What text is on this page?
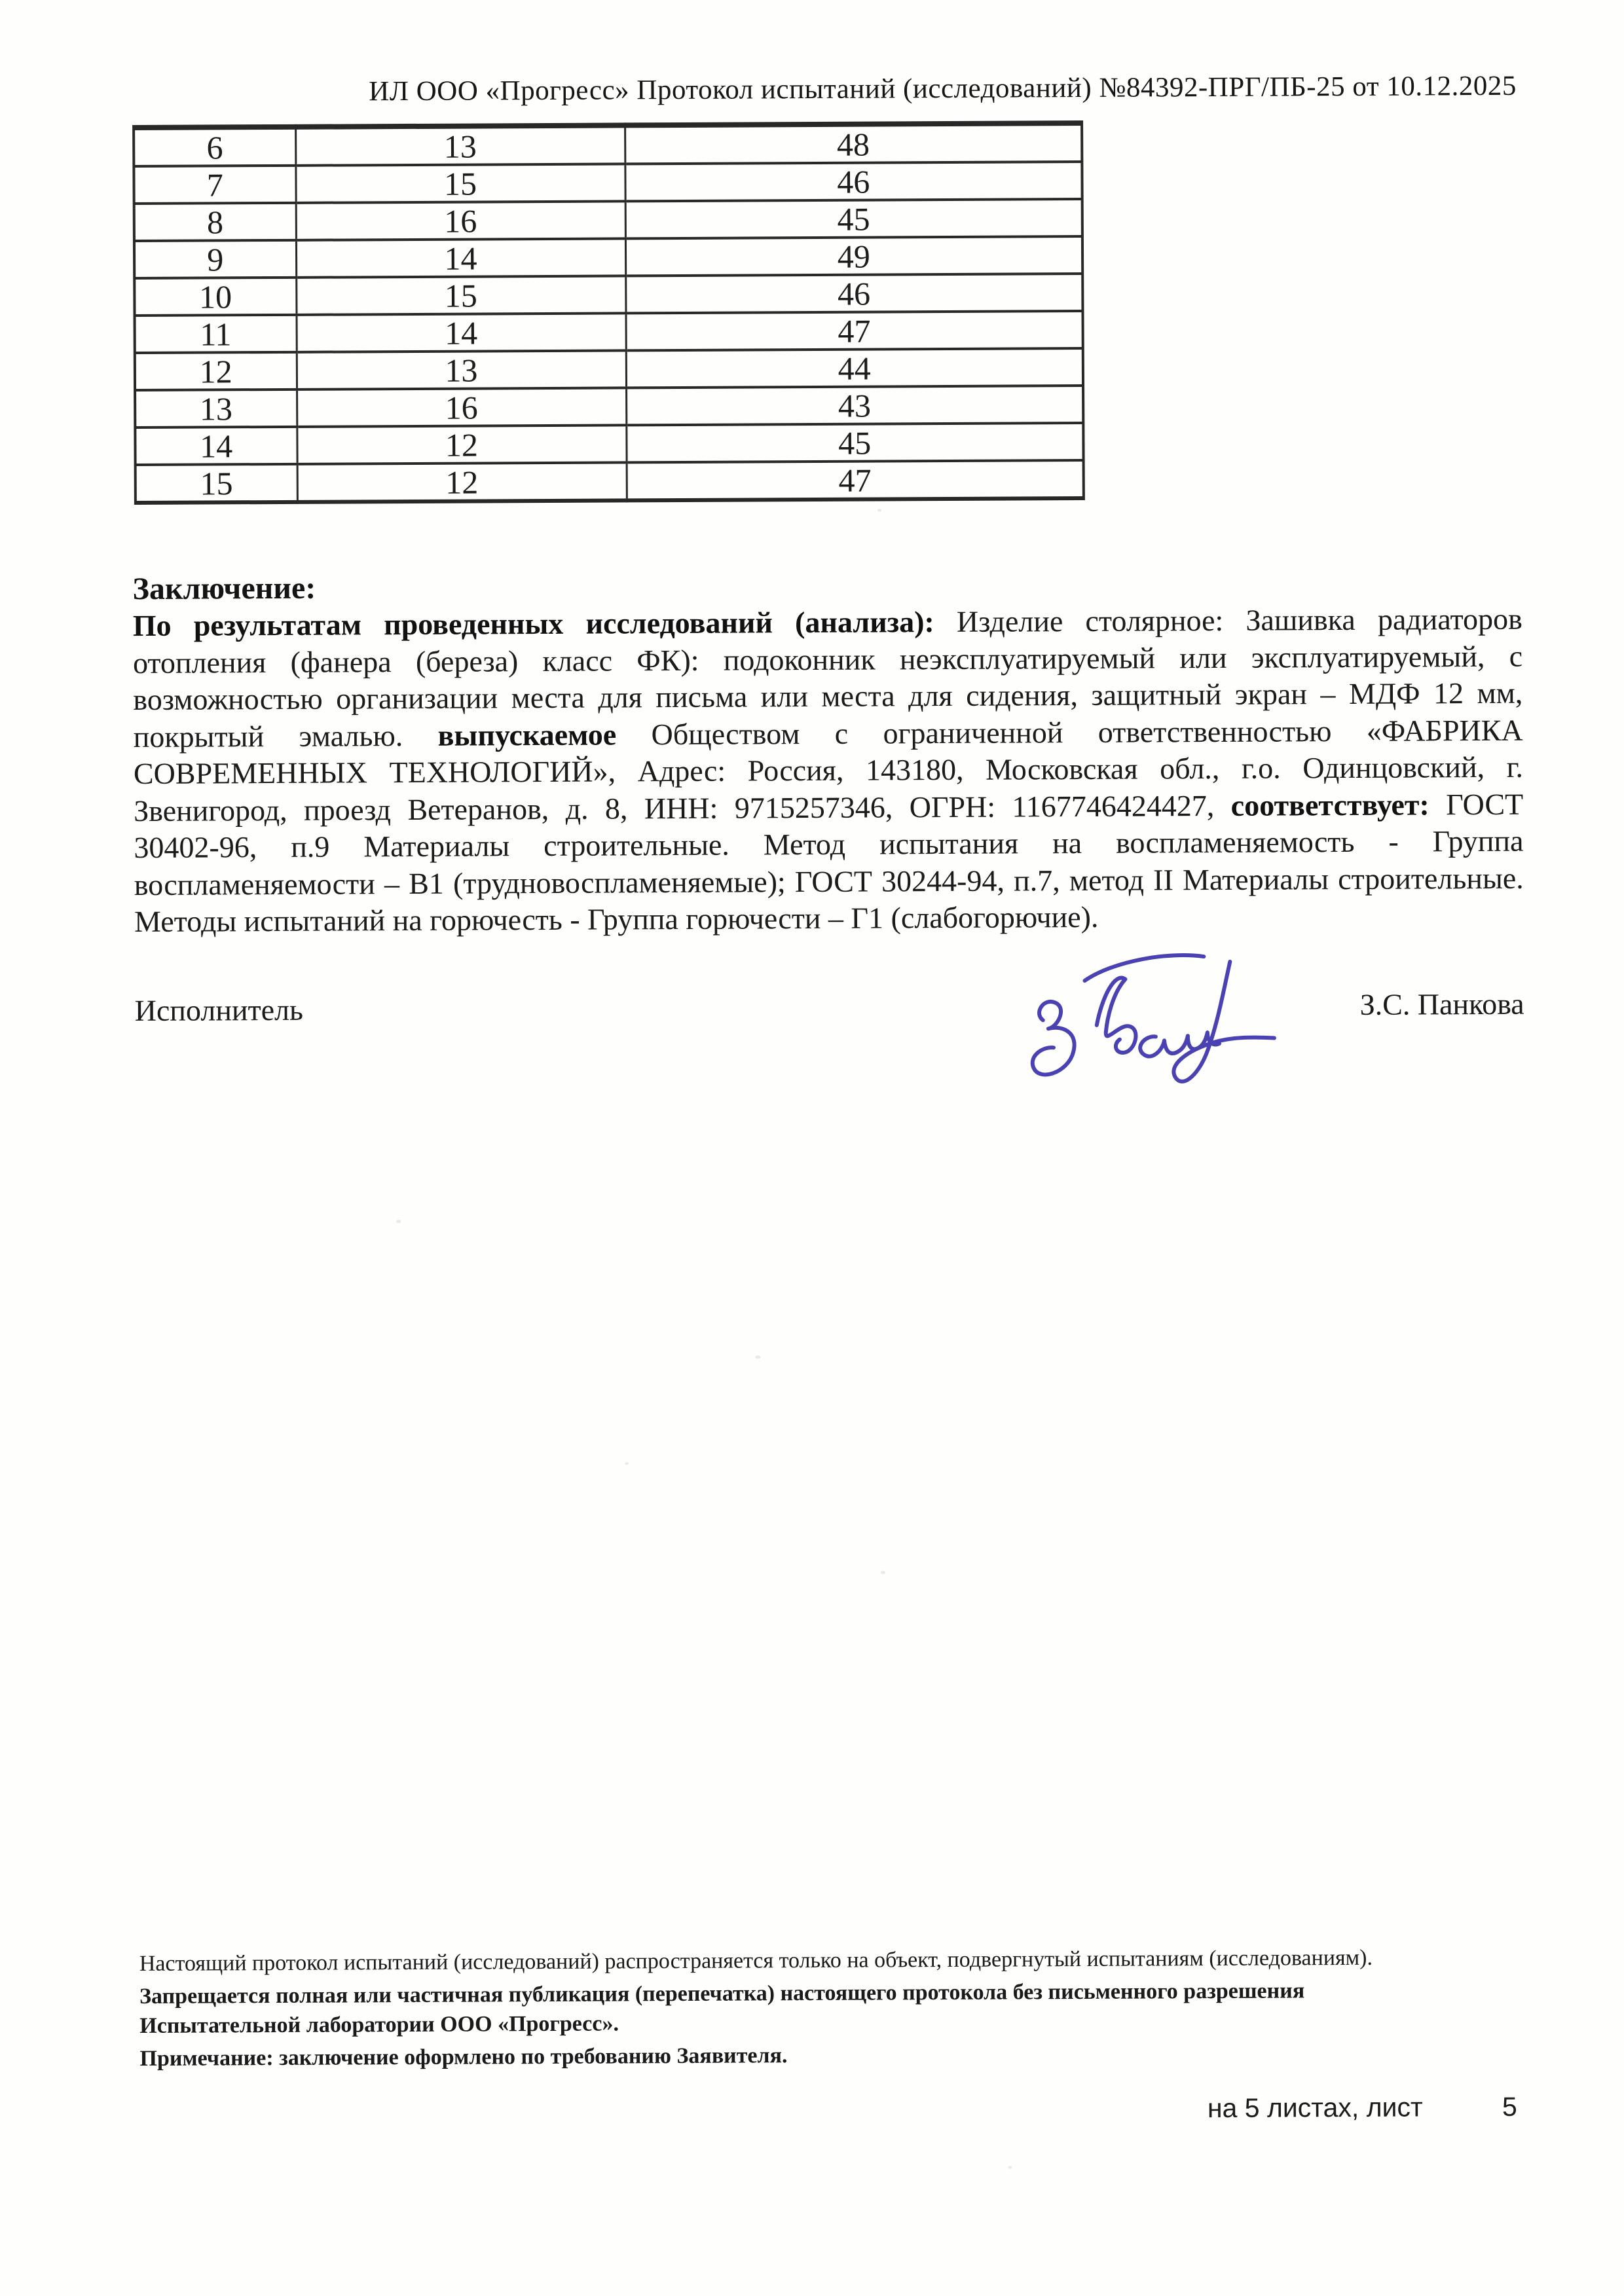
ИЛ ООО «Прогресс» Протокол испытаний (исследований) №84392-ПРГ/ПБ-25 от 10.12.2025
6	13	48
7	15	46
8	16	45
9	14	49
10	15	46
11	14	47
12	13	44
13	16	43
14	12	45
15	12	47
Заключение:

По результатам проведенных исследований (анализа): Изделие столярное: Зашивка радиаторов отопления (фанера (береза) класс ФК): подоконник неэксплуатируемый или эксплуатируемый, с возможностью организации места для письма или места для сидения, защитный экран – МДФ 12 мм, покрытый эмалью. выпускаемое Обществом с ограниченной ответственностью «ФАБРИКА СОВРЕМЕННЫХ ТЕХНОЛОГИЙ», Адрес: Россия, 143180, Московская обл., г.о. Одинцовский, г. Звенигород, проезд Ветеранов, д. 8, ИНН: 9715257346, ОГРН: 1167746424427, соответствует: ГОСТ 30402-96, п.9 Материалы строительные. Метод испытания на воспламеняемость - Группа воспламеняемости – В1 (трудновоспламеняемые); ГОСТ 30244-94, п.7, метод II Материалы строительные. Методы испытаний на горючесть - Группа горючести – Г1 (слабогорючие).

Исполнитель	З.С. Панкова
Настоящий протокол испытаний (исследований) распространяется только на объект, подвергнутый испытаниям (исследованиям).
Запрещается полная или частичная публикация (перепечатка) настоящего протокола без письменного разрешения Испытательной лаборатории ООО «Прогресс».
Примечание: заключение оформлено по требованию Заявителя.
на 5 листах, лист	5
